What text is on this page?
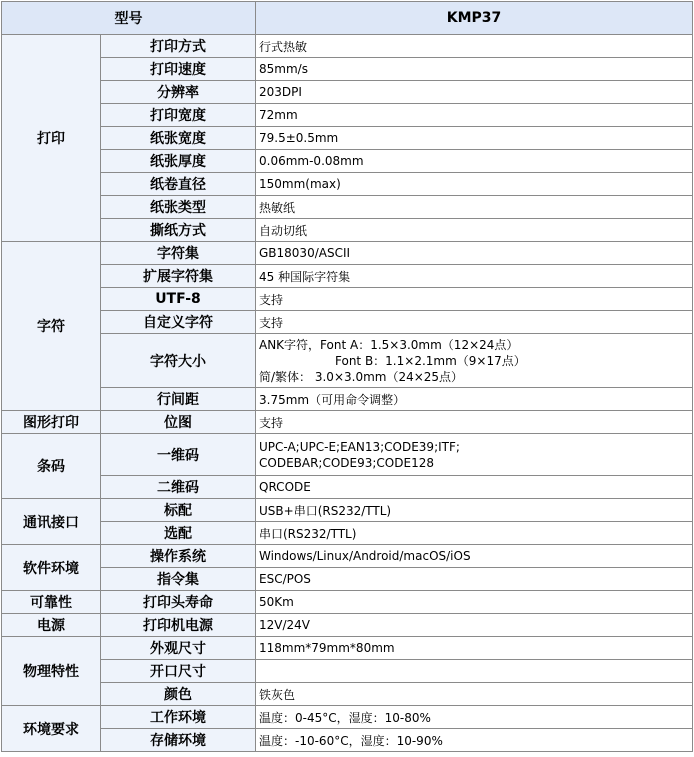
型号		KMP37
打印	打印方式	行式热敏
	打印速度	85mm/s
	分辨率	203DPI
	打印宽度	72mm
	纸张宽度	79.5±0.5mm
	纸张厚度	0.06mm-0.08mm
	纸卷直径	150mm(max)
	纸张类型	热敏纸
	撕纸方式	自动切纸
字符	字符集	GB18030/ASCII
	扩展字符集	45 种国际字符集
	UTF-8	支持
	自定义字符	支持
	字符大小	ANK字符，Font A：1.5×3.0mm（12×24点）
Font B：1.1×2.1mm（9×17点）
简/繁体： 3.0×3.0mm（24×25点）

	行间距	3.75mm（可用命令调整）
图形打印	位图	支持
条码	一维码	UPC-A;UPC-E;EAN13;CODE39;ITF;
CODEBAR;CODE93;CODE128

	二维码	QRCODE
通讯接口	标配	USB+串口(RS232/TTL)
	选配	串口(RS232/TTL)
软件环境	操作系统	Windows/Linux/Android/macOS/iOS
	指令集	ESC/POS
可靠性	打印头寿命	50Km
电源	打印机电源	12V/24V
物理特性	外观尺寸	118mm*79mm*80mm
	开口尺寸	
	颜色	铁灰色
环境要求	工作环境	温度：0-45°C，湿度：10-80%
	存储环境	温度：-10-60°C，湿度：10-90%
